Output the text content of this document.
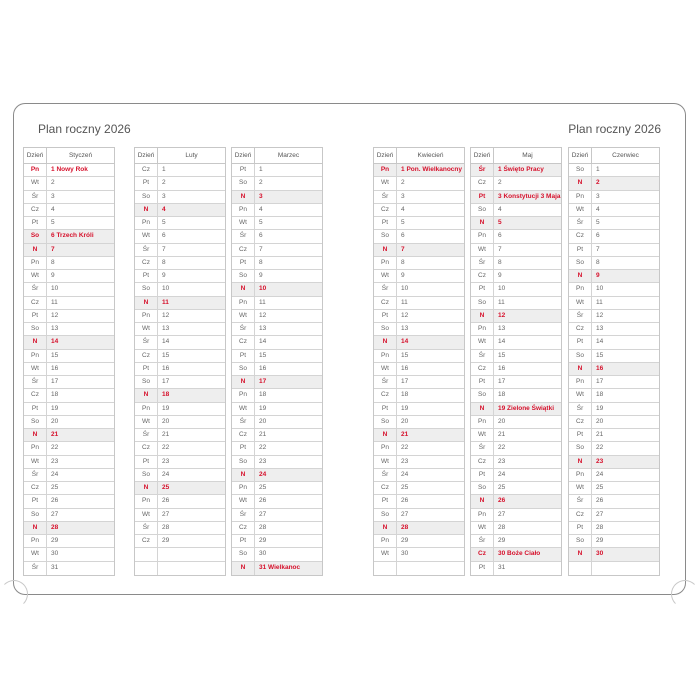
Plan roczny 2026
Dzień	Styczeń
Pn	1 Nowy Rok
Wt	2
Śr	3
Cz	4
Pt	5
So	6 Trzech Króli
N	7
Pn	8
Wt	9
Śr	10
Cz	11
Pt	12
So	13
N	14
Pn	15
Wt	16
Śr	17
Cz	18
Pt	19
So	20
N	21
Pn	22
Wt	23
Śr	24
Cz	25
Pt	26
So	27
N	28
Pn	29
Wt	30
Śr	31
Dzień	Luty
Cz	1
Pt	2
So	3
N	4
Pn	5
Wt	6
Śr	7
Cz	8
Pt	9
So	10
N	11
Pn	12
Wt	13
Śr	14
Cz	15
Pt	16
So	17
N	18
Pn	19
Wt	20
Śr	21
Cz	22
Pt	23
So	24
N	25
Pn	26
Wt	27
Śr	28
Cz	29
Dzień	Marzec
Pt	1
So	2
N	3
Pn	4
Wt	5
Śr	6
Cz	7
Pt	8
So	9
N	10
Pn	11
Wt	12
Śr	13
Cz	14
Pt	15
So	16
N	17
Pn	18
Wt	19
Śr	20
Cz	21
Pt	22
So	23
N	24
Pn	25
Wt	26
Śr	27
Cz	28
Pt	29
So	30
N	31 Wielkanoc
Plan roczny 2026
Dzień	Kwiecień
Pn	1 Pon. Wielkanocny
Wt	2
Śr	3
Cz	4
Pt	5
So	6
N	7
Pn	8
Wt	9
Śr	10
Cz	11
Pt	12
So	13
N	14
Pn	15
Wt	16
Śr	17
Cz	18
Pt	19
So	20
N	21
Pn	22
Wt	23
Śr	24
Cz	25
Pt	26
So	27
N	28
Pn	29
Wt	30
Dzień	Maj
Śr	1 Święto Pracy
Cz	2
Pt	3 Konstytucji 3 Maja
So	4
N	5
Pn	6
Wt	7
Śr	8
Cz	9
Pt	10
So	11
N	12
Pn	13
Wt	14
Śr	15
Cz	16
Pt	17
So	18
N	19 Zielone Świątki
Pn	20
Wt	21
Śr	22
Cz	23
Pt	24
So	25
N	26
Pn	27
Wt	28
Śr	29
Cz	30 Boże Ciało
Pt	31
Dzień	Czerwiec
So	1
N	2
Pn	3
Wt	4
Śr	5
Cz	6
Pt	7
So	8
N	9
Pn	10
Wt	11
Śr	12
Cz	13
Pt	14
So	15
N	16
Pn	17
Wt	18
Śr	19
Cz	20
Pt	21
So	22
N	23
Pn	24
Wt	25
Śr	26
Cz	27
Pt	28
So	29
N	30
